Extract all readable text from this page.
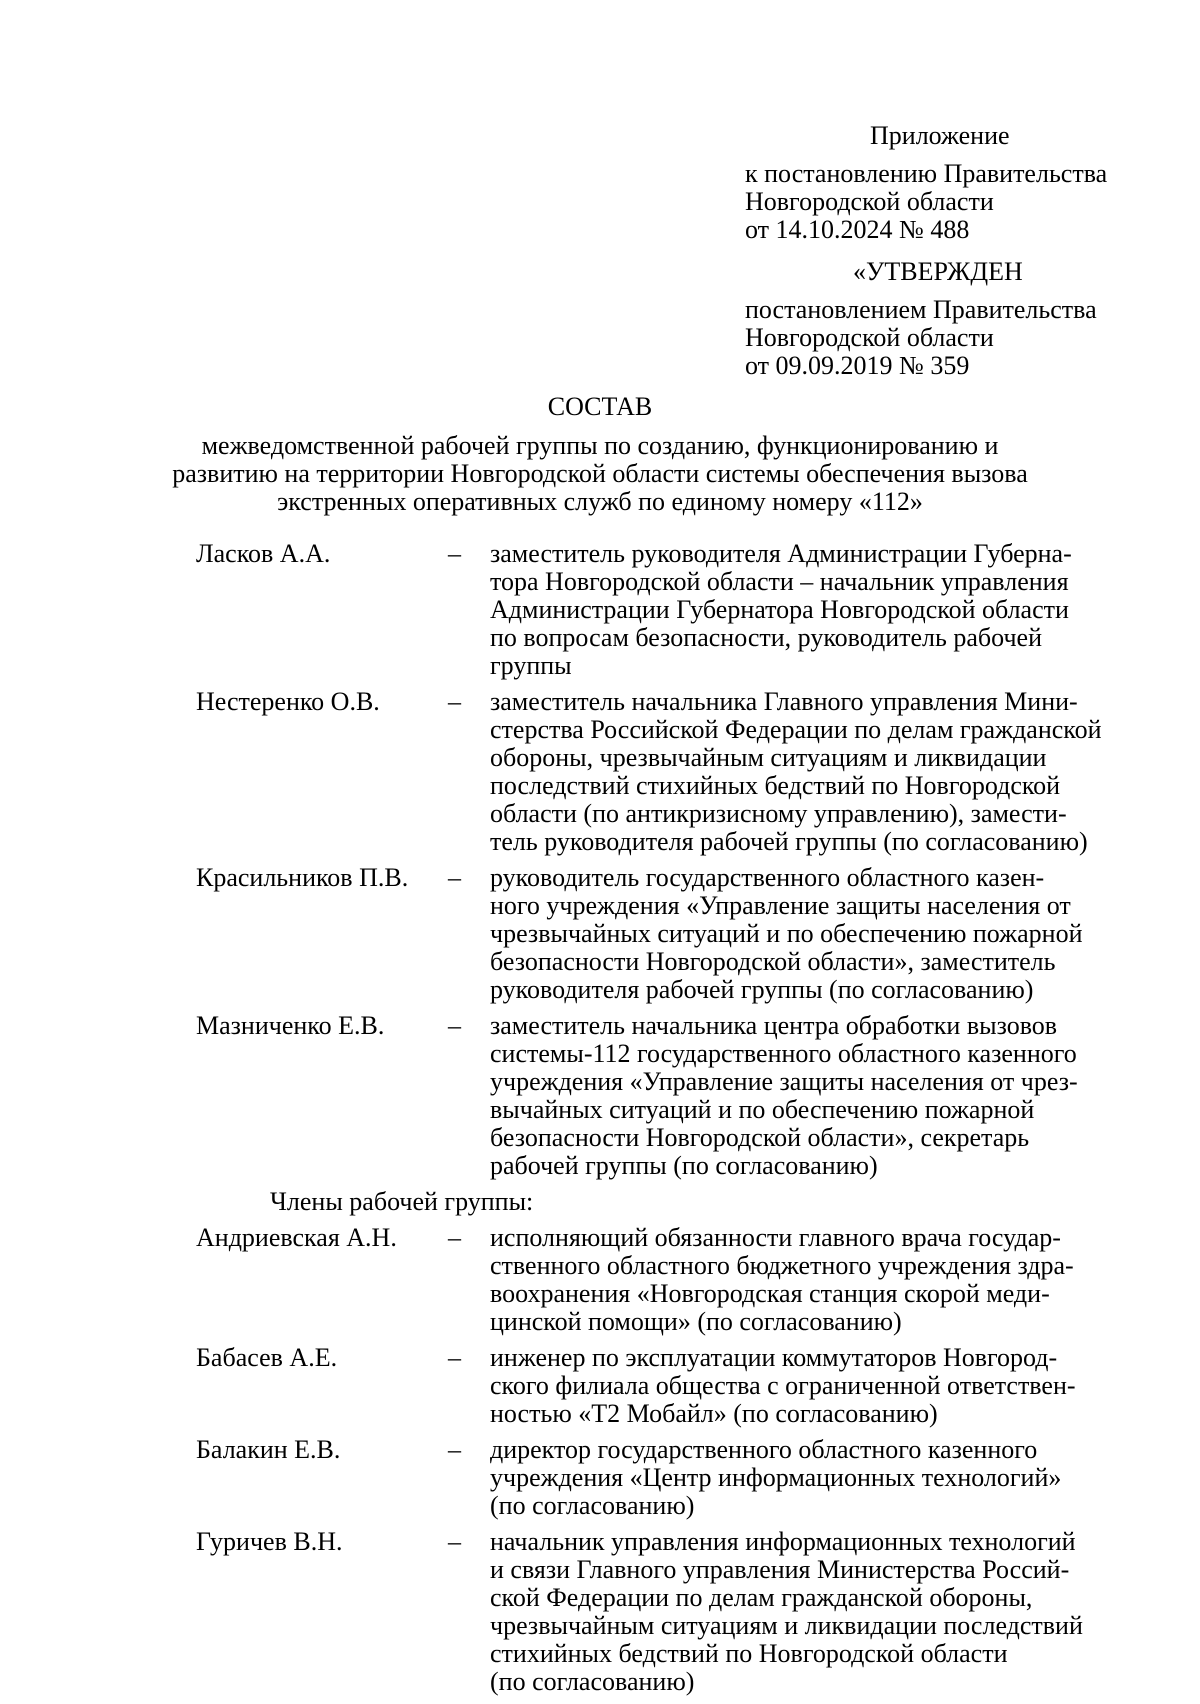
Приложение
к постановлению Правительства
Новгородской области
от 14.10.2024 № 488
«УТВЕРЖДЕН
постановлением Правительства
Новгородской области
от 09.09.2019 № 359
СОСТАВ
межведомственной рабочей группы по созданию, функционированию и
развитию на территории Новгородской области системы обеспечения вызова
экстренных оперативных служб по единому номеру «112»
Ласков А.А.	–	заместитель руководителя Администрации Губерна-
тора Новгородской области – начальник управления
Администрации Губернатора Новгородской области
по вопросам безопасности, руководитель рабочей
группы
Нестеренко О.В.	–	заместитель начальника Главного управления Мини-
стерства Российской Федерации по делам гражданской
обороны, чрезвычайным ситуациям и ликвидации
последствий стихийных бедствий по Новгородской
области (по антикризисному управлению), замести-
тель руководителя рабочей группы (по согласованию)
Красильников П.В.	–	руководитель государственного областного казен-
ного учреждения «Управление защиты населения от
чрезвычайных ситуаций и по обеспечению пожарной
безопасности Новгородской области», заместитель
руководителя рабочей группы (по согласованию)
Мазниченко Е.В.	–	заместитель начальника центра обработки вызовов
системы-112 государственного областного казенного
учреждения «Управление защиты населения от чрез-
вычайных ситуаций и по обеспечению пожарной
безопасности Новгородской области», секретарь
рабочей группы (по согласованию)
Члены рабочей группы:
Андриевская А.Н.	–	исполняющий обязанности главного врача государ-
ственного областного бюджетного учреждения здра-
воохранения «Новгородская станция скорой меди-
цинской помощи» (по согласованию)
Бабасев А.Е.	–	инженер по эксплуатации коммутаторов Новгород-
ского филиала общества с ограниченной ответствен-
ностью «Т2 Мобайл» (по согласованию)
Балакин Е.В.	–	директор государственного областного казенного
учреждения «Центр информационных технологий»
(по согласованию)
Гуричев В.Н.	–	начальник управления информационных технологий
и связи Главного управления Министерства Россий-
ской Федерации по делам гражданской обороны,
чрезвычайным ситуациям и ликвидации последствий
стихийных бедствий по Новгородской области
(по согласованию)
